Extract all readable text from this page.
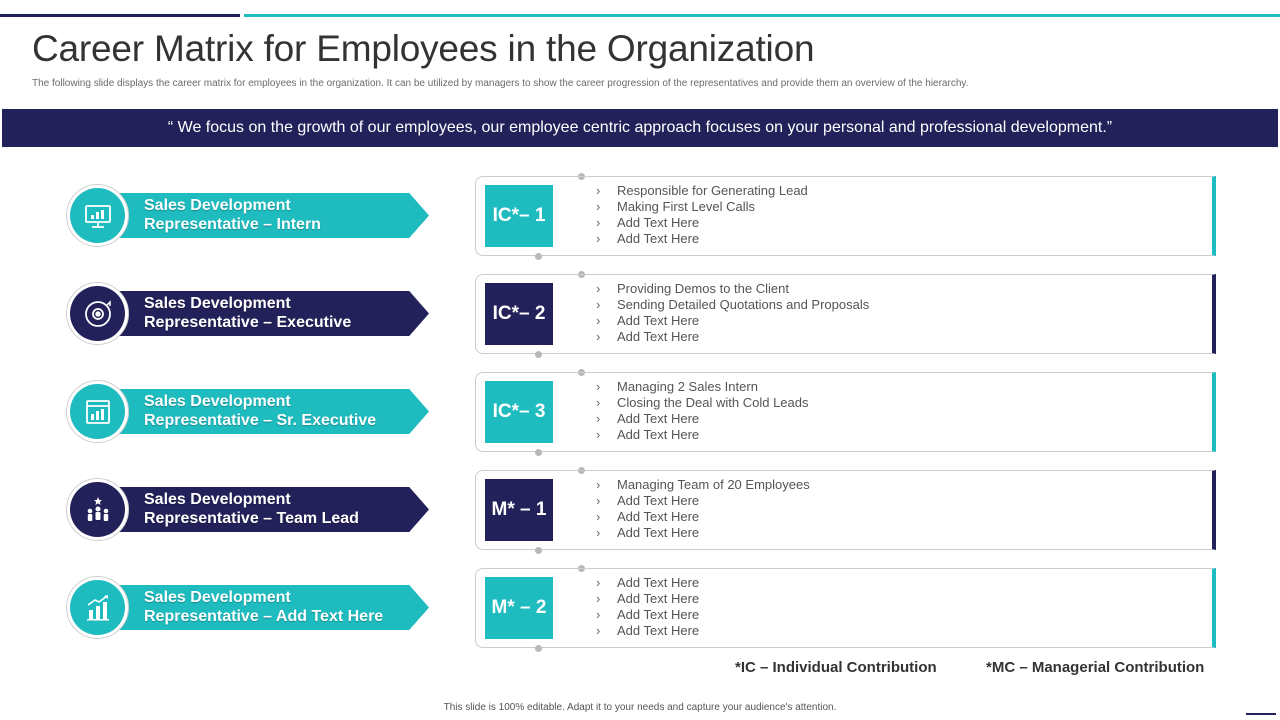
Career Matrix for Employees in the Organization

The following slide displays the career matrix for employees in the organization. It can be utilized by managers to show the career progression of the representatives and provide them an overview of the hierarchy.

“ We focus on the growth of our employees, our employee centric approach focuses on your personal and professional development.”
Sales Development
Representative – Intern	IC*– 1
› Responsible for Generating Lead
› Making First Level Calls
› Add Text Here
› Add Text Here
Sales Development
Representative – Executive	IC*– 2
› Providing Demos to the Client
› Sending Detailed Quotations and Proposals
› Add Text Here
› Add Text Here
Sales Development
Representative – Sr. Executive	IC*– 3
› Managing 2 Sales Intern
› Closing the Deal with Cold Leads
› Add Text Here
› Add Text Here
Sales Development
Representative – Team Lead	M* – 1
› Managing Team of 20 Employees
› Add Text Here
› Add Text Here
› Add Text Here
Sales Development
Representative – Add Text Here	M* – 2
› Add Text Here
› Add Text Here
› Add Text Here
› Add Text Here
*IC – Individual Contribution	*MC – Managerial Contribution
This slide is 100% editable. Adapt it to your needs and capture your audience's attention.
